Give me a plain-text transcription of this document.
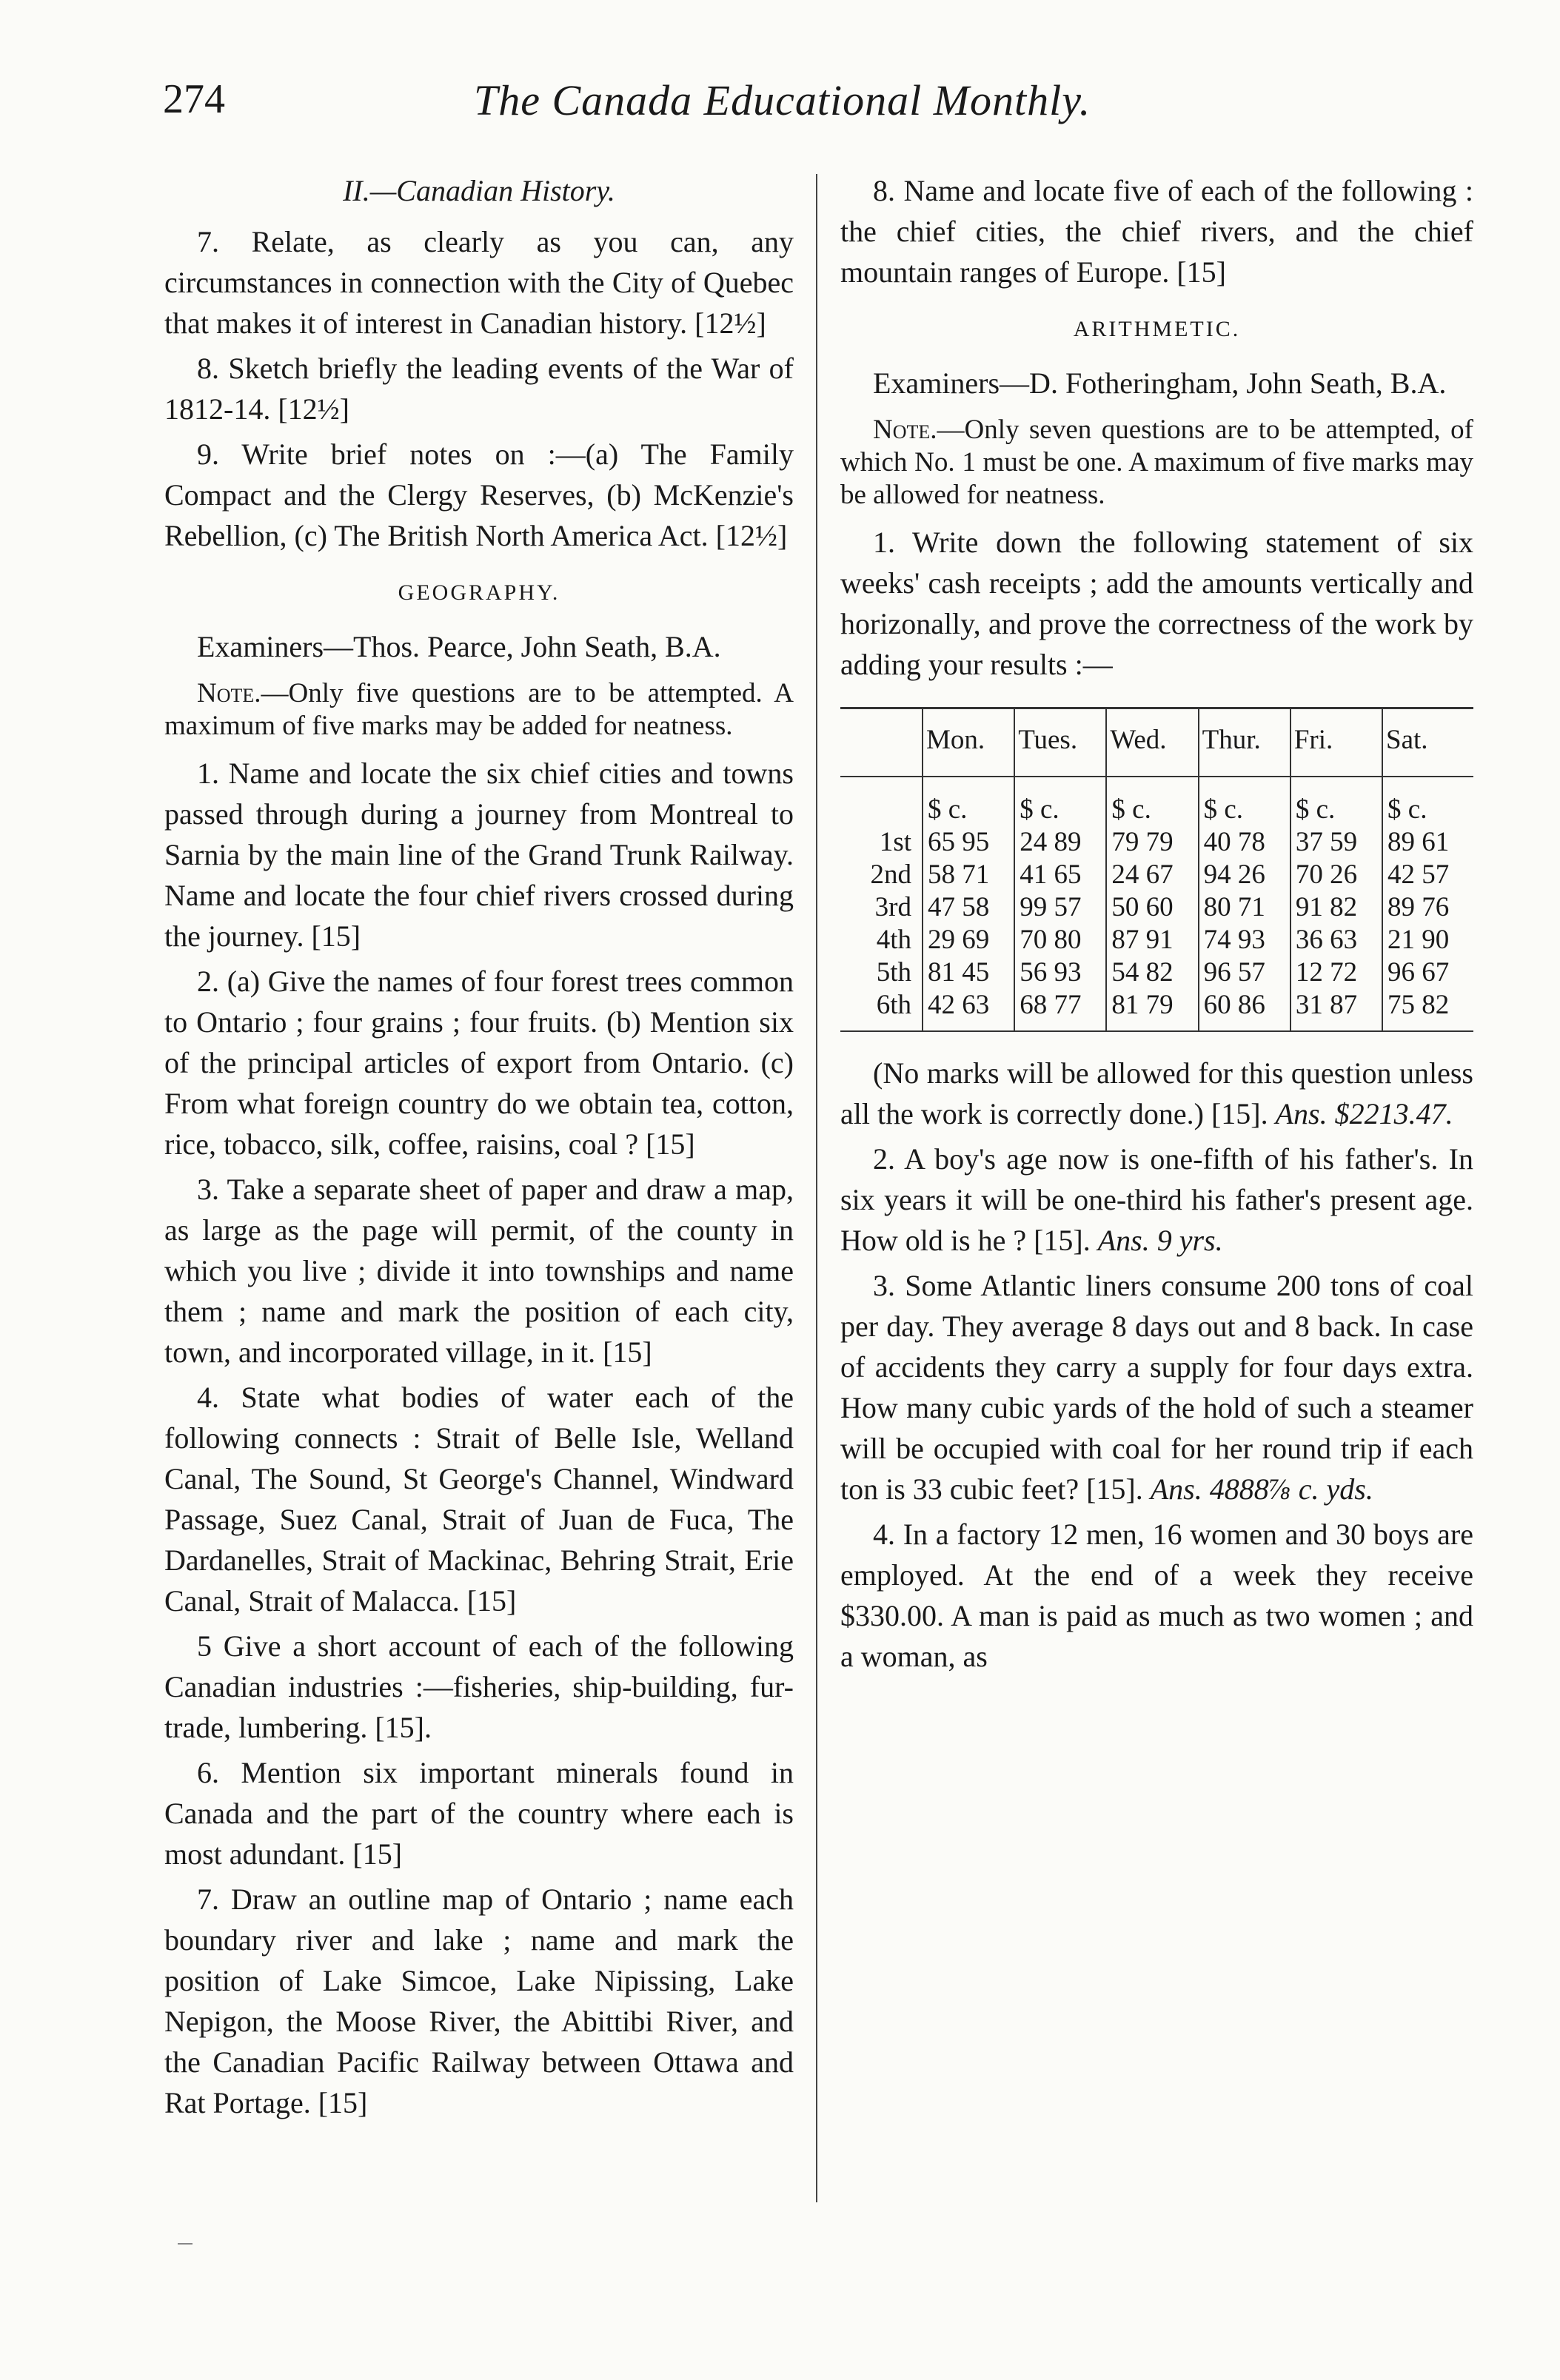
274	The Canada Educational Monthly.

II.—Canadian History.

7. Relate, as clearly as you can, any circumstances in connection with the City of Quebec that makes it of interest in Canadian history. [12½]

8. Sketch briefly the leading events of the War of 1812-14. [12½]

9. Write brief notes on :—(a) The Family Compact and the Clergy Reserves, (b) McKenzie's Rebellion, (c) The British North America Act. [12½]

GEOGRAPHY.

Examiners—Thos. Pearce, John Seath, B.A.

Note.—Only five questions are to be attempted. A maximum of five marks may be added for neatness.

1. Name and locate the six chief cities and towns passed through during a journey from Montreal to Sarnia by the main line of the Grand Trunk Railway. Name and locate the four chief rivers crossed during the journey. [15]

2. (a) Give the names of four forest trees common to Ontario ; four grains ; four fruits. (b) Mention six of the principal articles of export from Ontario. (c) From what foreign country do we obtain tea, cotton, rice, tobacco, silk, coffee, raisins, coal ? [15]

3. Take a separate sheet of paper and draw a map, as large as the page will permit, of the county in which you live ; divide it into townships and name them ; name and mark the position of each city, town, and incorporated village, in it. [15]

4. State what bodies of water each of the following connects : Strait of Belle Isle, Welland Canal, The Sound, St George's Channel, Windward Passage, Suez Canal, Strait of Juan de Fuca, The Dardanelles, Strait of Mackinac, Behring Strait, Erie Canal, Strait of Malacca. [15]

5 Give a short account of each of the following Canadian industries :—fisheries, ship-building, fur-trade, lumbering. [15].

6. Mention six important minerals found in Canada and the part of the country where each is most adundant. [15]

7. Draw an outline map of Ontario ; name each boundary river and lake ; name and mark the position of Lake Simcoe, Lake Nipissing, Lake Nepigon, the Moose River, the Abittibi River, and the Canadian Pacific Railway between Ottawa and Rat Portage. [15]

8. Name and locate five of each of the following : the chief cities, the chief rivers, and the chief mountain ranges of Europe. [15]

ARITHMETIC.

Examiners—D. Fotheringham, John Seath, B.A.

Note.—Only seven questions are to be attempted, of which No. 1 must be one. A maximum of five marks may be allowed for neatness.

1. Write down the following statement of six weeks' cash receipts ; add the amounts vertically and horizonally, and prove the correctness of the work by adding your results :—

	Mon.	Tues.	Wed.	Thur.	Fri.	Sat.
	$ c.	$ c.	$ c.	$ c.	$ c.	$ c.
1st	65 95	24 89	79 79	40 78	37 59	89 61
2nd	58 71	41 65	24 67	94 26	70 26	42 57
3rd	47 58	99 57	50 60	80 71	91 82	89 76
4th	29 69	70 80	87 91	74 93	36 63	21 90
5th	81 45	56 93	54 82	96 57	12 72	96 67
6th	42 63	68 77	81 79	60 86	31 87	75 82

(No marks will be allowed for this question unless all the work is correctly done.) [15]. Ans. $2213.47.

2. A boy's age now is one-fifth of his father's. In six years it will be one-third his father's present age. How old is he ? [15]. Ans. 9 yrs.

3. Some Atlantic liners consume 200 tons of coal per day. They average 8 days out and 8 back. In case of accidents they carry a supply for four days extra. How many cubic yards of the hold of such a steamer will be occupied with coal for her round trip if each ton is 33 cubic feet? [15]. Ans. 4888⅞ c. yds.

4. In a factory 12 men, 16 women and 30 boys are employed. At the end of a week they receive $330.00. A man is paid as much as two women ; and a woman, as
